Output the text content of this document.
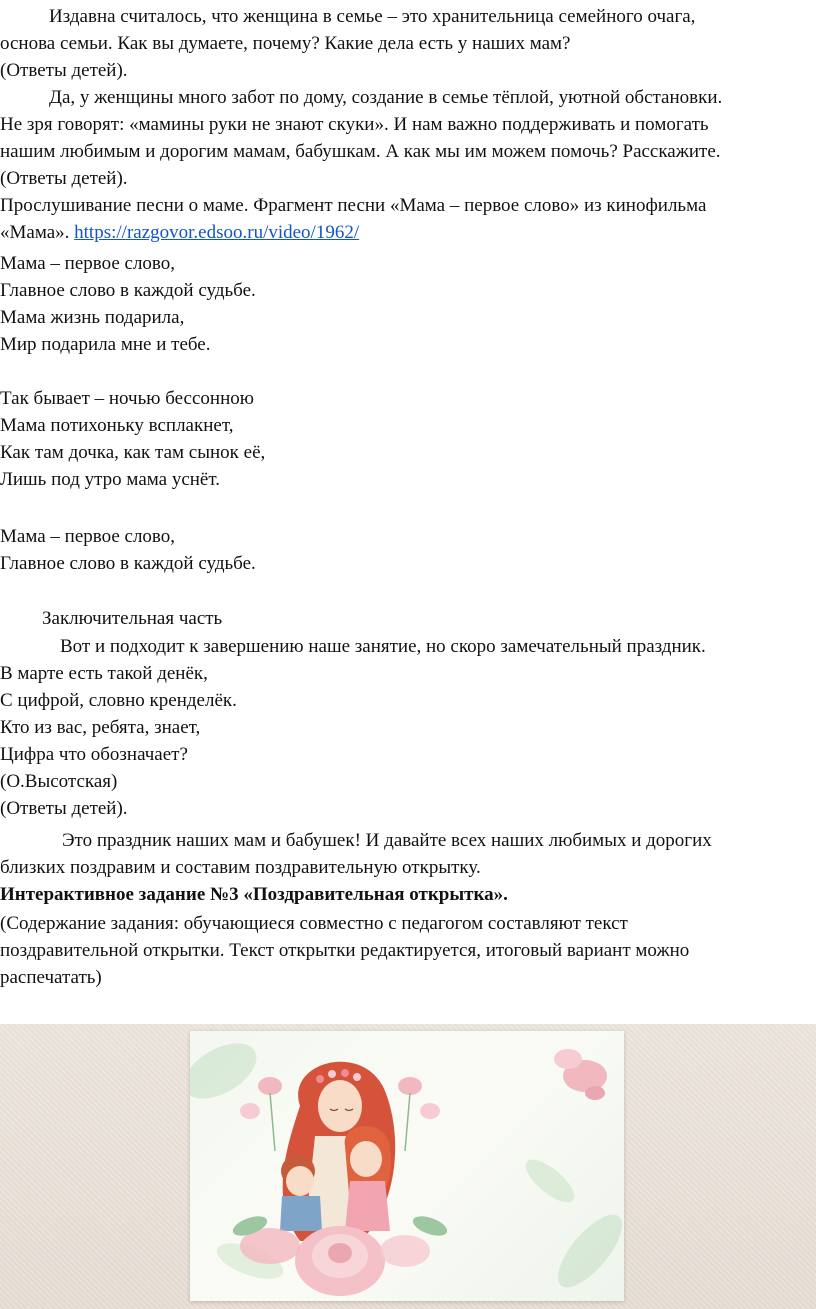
Издавна считалось, что женщина в семье – это хранительница семейного очага,
основа семьи. Как вы думаете, почему? Какие дела есть у наших мам?
(Ответы детей).
Да, у женщины много забот по дому, создание в семье тёплой, уютной обстановки.
Не зря говорят: «мамины руки не знают скуки». И нам важно поддерживать и помогать
нашим любимым и дорогим мамам, бабушкам. А как мы им можем помочь? Расскажите.
(Ответы детей).
Прослушивание песни о маме. Фрагмент песни «Мама – первое слово» из кинофильма
«Мама». https://razgovor.edsoo.ru/video/1962/
Мама – первое слово,
Главное слово в каждой судьбе.
Мама жизнь подарила,
Мир подарила мне и тебе.
Так бывает – ночью бессонною
Мама потихоньку всплакнет,
Как там дочка, как там сынок её,
Лишь под утро мама уснёт.
Мама – первое слово,
Главное слово в каждой судьбе.
Заключительная часть
Вот и подходит к завершению наше занятие, но скоро замечательный праздник.
В марте есть такой денёк,
С цифрой, словно кренделёк.
Кто из вас, ребята, знает,
Цифра что обозначает?
(О.Высотская)
(Ответы детей).
Это праздник наших мам и бабушек! И давайте всех наших любимых и дорогих
близких поздравим и составим поздравительную открытку.
Интерактивное задание №3 «Поздравительная открытка».
(Содержание задания: обучающиеся совместно с педагогом составляют текст
поздравительной открытки. Текст открытки редактируется, итоговый вариант можно
распечатать)
